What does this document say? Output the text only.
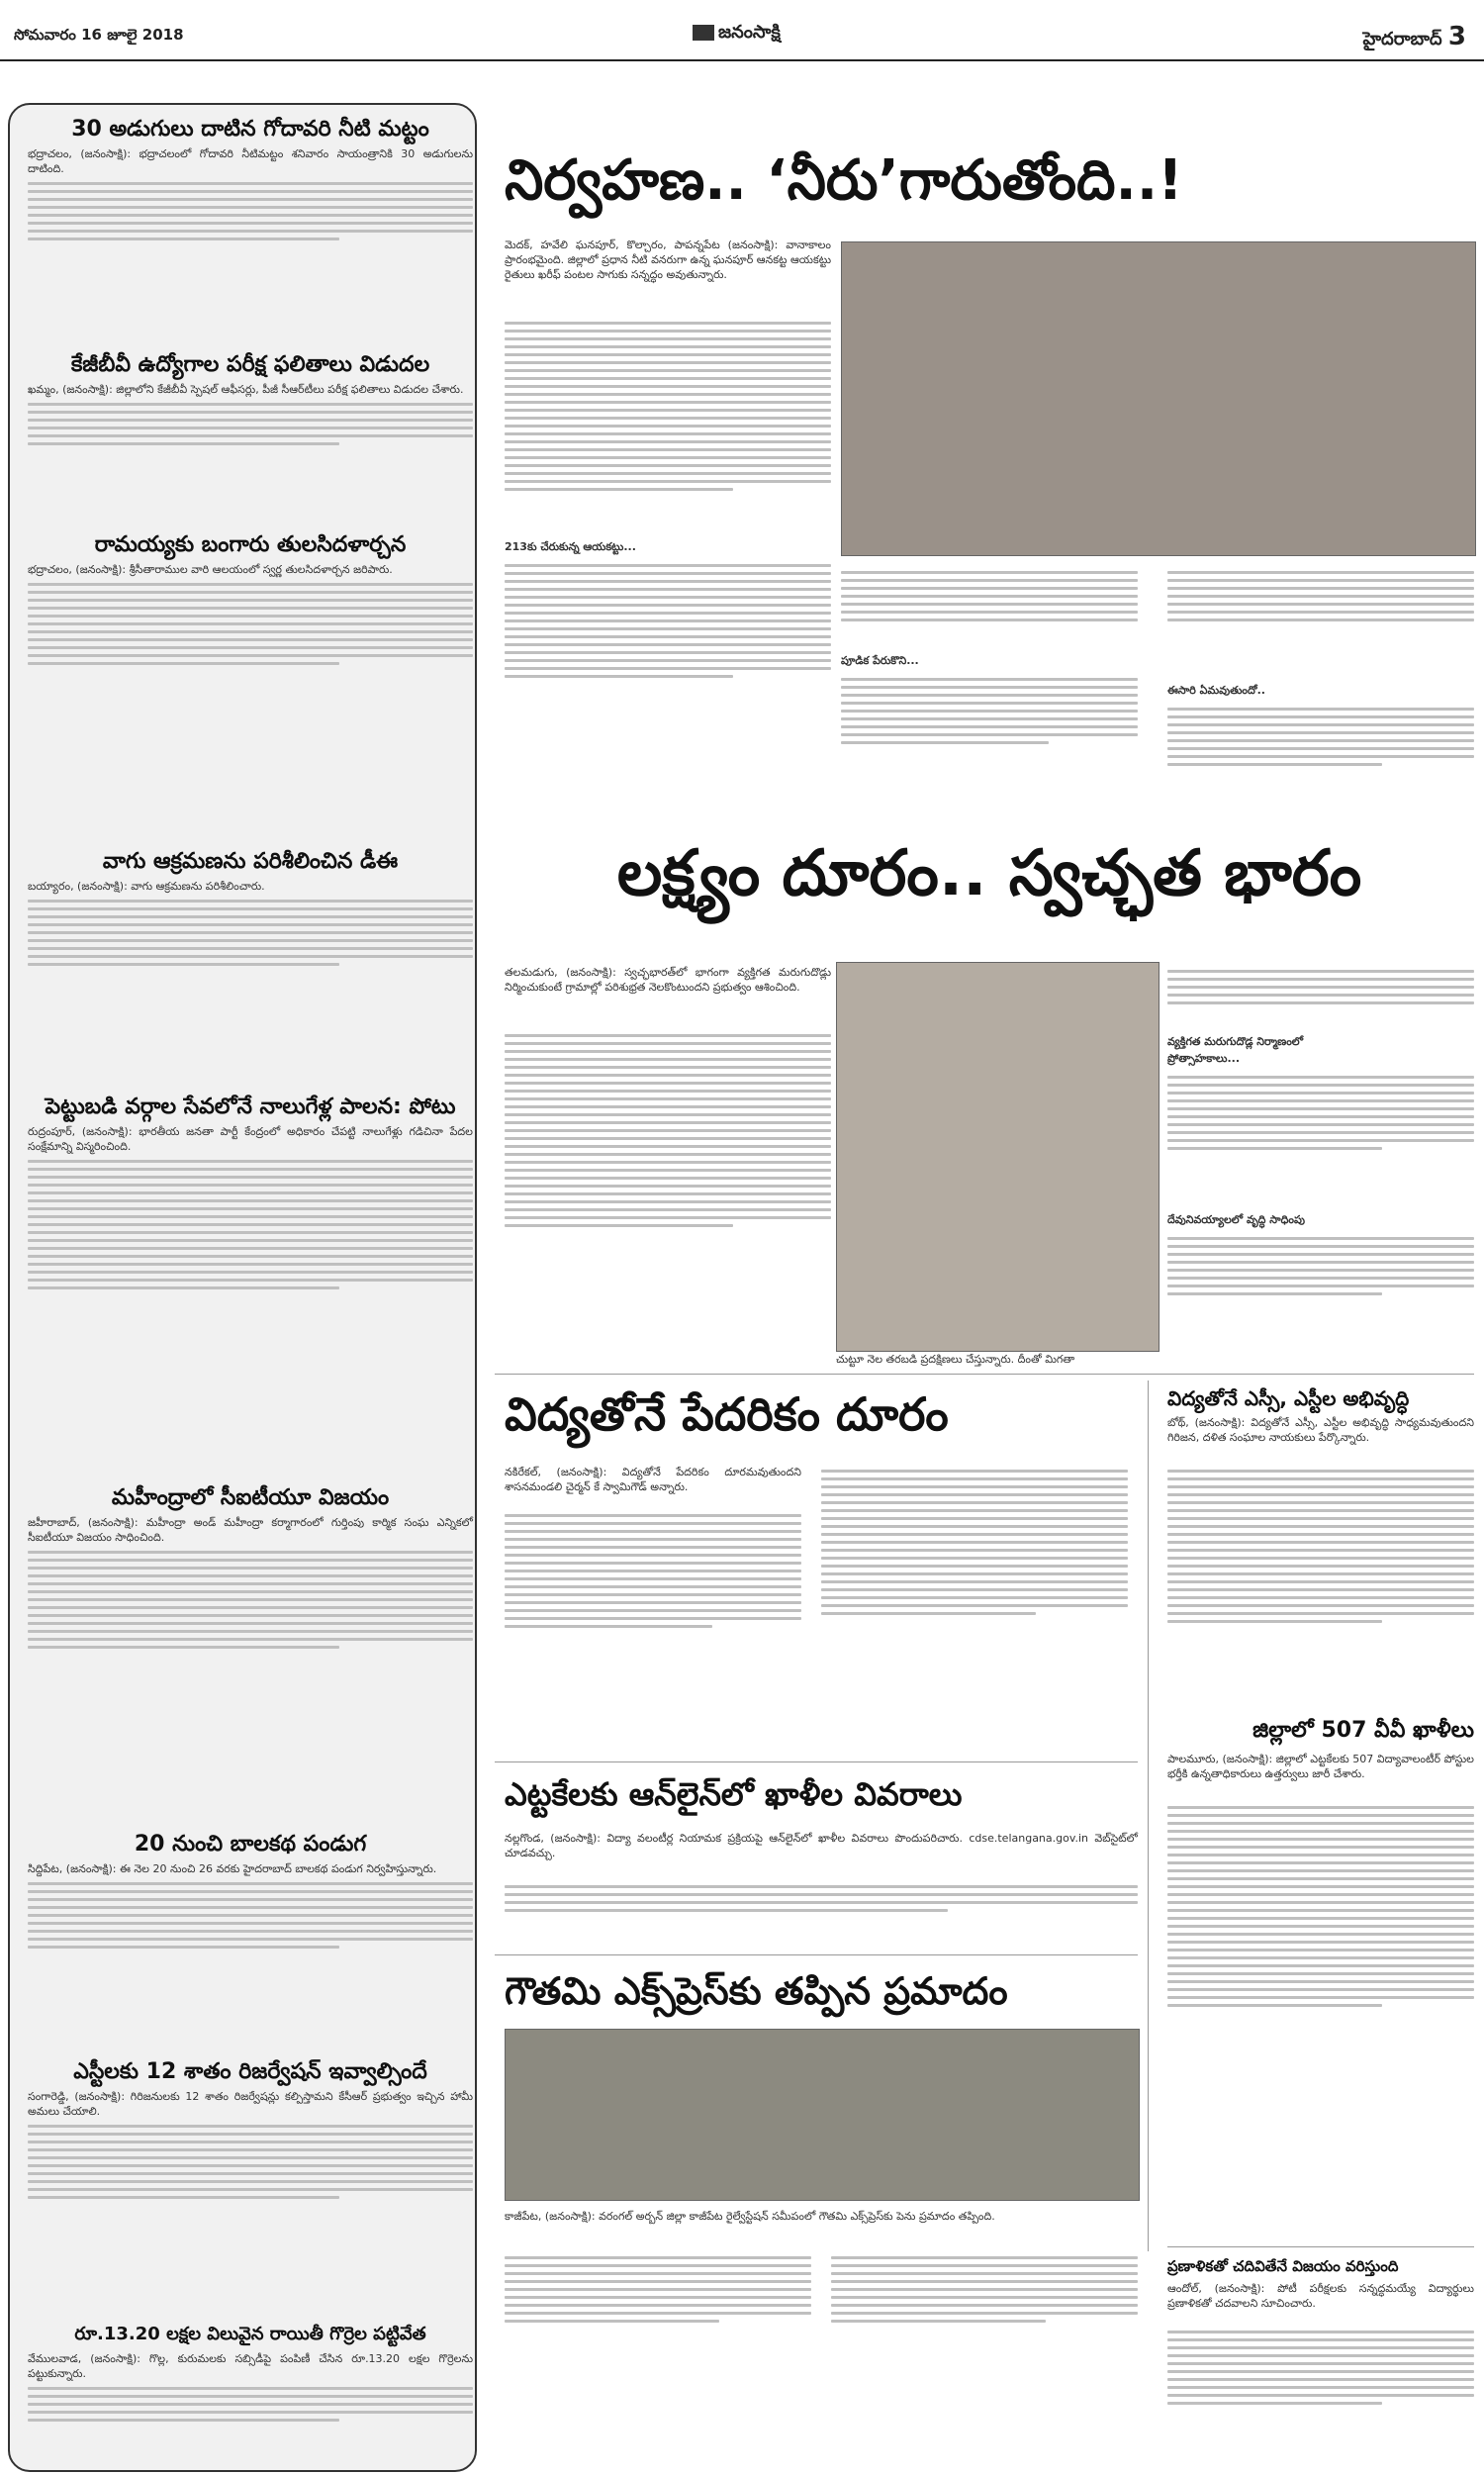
సోమవారం 16 జూలై 2018	జనంసాక్షి	హైదరాబాద్ 3
30 అడుగులు దాటిన గోదావరి నీటి మట్టం
భద్రాచలం, (జనంసాక్షి): భద్రాచలంలో గోదావరి నీటిమట్టం శనివారం సాయంత్రానికి 30 అడుగులను దాటింది.
కేజీబీవీ ఉద్యోగాల పరీక్ష ఫలితాలు విడుదల
ఖమ్మం, (జనంసాక్షి): జిల్లాలోని కేజీబీవీ స్పెషల్ ఆఫీసర్లు, పీజీ సీఆర్‌టీలు పరీక్ష ఫలితాలు విడుదల చేశారు.
రామయ్యకు బంగారు తులసిదళార్చన
భద్రాచలం, (జనంసాక్షి): శ్రీసీతారాముల వారి ఆలయంలో స్వర్ణ తులసిదళార్చన జరిపారు.
వాగు ఆక్రమణను పరిశీలించిన డీఈ
బయ్యారం, (జనంసాక్షి): వాగు ఆక్రమణను పరిశీలించారు.
పెట్టుబడి వర్గాల సేవలోనే నాలుగేళ్ల పాలన: పోటు
రుద్రంపూర్, (జనంసాక్షి): భారతీయ జనతా పార్టీ కేంద్రంలో అధికారం చేపట్టి నాలుగేళ్లు గడిచినా పేదల సంక్షేమాన్ని విస్మరించింది.
మహీంద్రాలో సీఐటీయూ విజయం
జహీరాబాద్, (జనంసాక్షి): మహీంద్రా అండ్ మహీంద్రా కర్మాగారంలో గుర్తింపు కార్మిక సంఘ ఎన్నికలో సీఐటీయూ విజయం సాధించింది.
20 నుంచి బాలకథ పండుగ
సిద్దిపేట, (జనంసాక్షి): ఈ నెల 20 నుంచి 26 వరకు హైదరాబాద్ బాలకథ పండుగ నిర్వహిస్తున్నారు.
ఎస్టీలకు 12 శాతం రిజర్వేషన్ ఇవ్వాల్సిందే
సంగారెడ్డి, (జనంసాక్షి): గిరిజనులకు 12 శాతం రిజర్వేషన్లు కల్పిస్తామని కేసీఆర్ ప్రభుత్వం ఇచ్చిన హామీ అమలు చేయాలి.
రూ.13.20 లక్షల విలువైన రాయితీ గొర్రెల పట్టివేత
వేములవాడ, (జనంసాక్షి): గొల్ల, కురుమలకు సబ్సిడీపై పంపిణీ చేసిన రూ.13.20 లక్షల గొర్రెలను పట్టుకున్నారు.
నిర్వహణ.. ‘నీరు’గారుతోంది..!
మెదక్, హవేలి ఘనపూర్, కొల్చారం, పాపన్నపేట (జనంసాక్షి): వానాకాలం ప్రారంభమైంది. జిల్లాలో ప్రధాన నీటి వనరుగా ఉన్న ఘనపూర్ ఆనకట్ట ఆయకట్టు రైతులు ఖరీఫ్ పంటల సాగుకు సన్నద్ధం అవుతున్నారు.
213కు చేరుకున్న ఆయకట్టు...
పూడిక పేరుకొని...
ఈసారి ఏమవుతుందో..
లక్ష్యం దూరం.. స్వచ్ఛత భారం
తలమడుగు, (జనంసాక్షి): స్వచ్ఛభారత్‌లో భాగంగా వ్యక్తిగత మరుగుదొడ్లు నిర్మించుకుంటే గ్రామాల్లో పరిశుభ్రత నెలకొంటుందని ప్రభుత్వం ఆశించింది.
చుట్టూ నెల తరబడి ప్రదక్షిణలు చేస్తున్నారు. దీంతో మిగతా
వ్యక్తిగత మరుగుదొడ్ల నిర్మాణంలో
ప్రోత్సాహకాలు...
దేవునివయ్యాలలో వృద్ధి సాధింపు
విద్యతోనే పేదరికం దూరం
నకిరేకల్, (జనంసాక్షి): విద్యతోనే పేదరికం దూరమవుతుందని శాసనమండలి చైర్మన్ కే స్వామిగౌడ్ అన్నారు.
విద్యతోనే ఎస్సీ, ఎస్టీల అభివృద్ధి
బోథ్, (జనంసాక్షి): విద్యతోనే ఎస్సీ, ఎస్టీల అభివృద్ధి సాధ్యమవుతుందని గిరిజన, దళిత సంఘాల నాయకులు పేర్కొన్నారు.
జిల్లాలో 507 వీవీ ఖాళీలు
పాలమూరు, (జనంసాక్షి): జిల్లాలో ఎట్టకేలకు 507 విద్యావాలంటీర్ పోస్టుల భర్తీకి ఉన్నతాధికారులు ఉత్తర్వులు జారీ చేశారు.
ఎట్టకేలకు ఆన్‌లైన్‌లో ఖాళీల వివరాలు
నల్లగొండ, (జనంసాక్షి): విద్యా వలంటీర్ల నియామక ప్రక్రియపై ఆన్‌లైన్‌లో ఖాళీల వివరాలు పొందుపరిచారు. cdse.telangana.gov.in వెబ్‌సైట్‌లో చూడవచ్చు.
గౌతమి ఎక్స్‌ప్రెస్‌కు తప్పిన ప్రమాదం
కాజీపేట, (జనంసాక్షి): వరంగల్ అర్బన్ జిల్లా కాజీపేట రైల్వేస్టేషన్ సమీపంలో గౌతమి ఎక్స్‌ప్రెస్‌కు పెను ప్రమాదం తప్పింది.
ప్రణాళికతో చదివితేనే విజయం వరిస్తుంది
ఆందోల్, (జనంసాక్షి): పోటీ పరీక్షలకు సన్నద్ధమయ్యే విద్యార్థులు ప్రణాళికతో చదవాలని సూచించారు.
